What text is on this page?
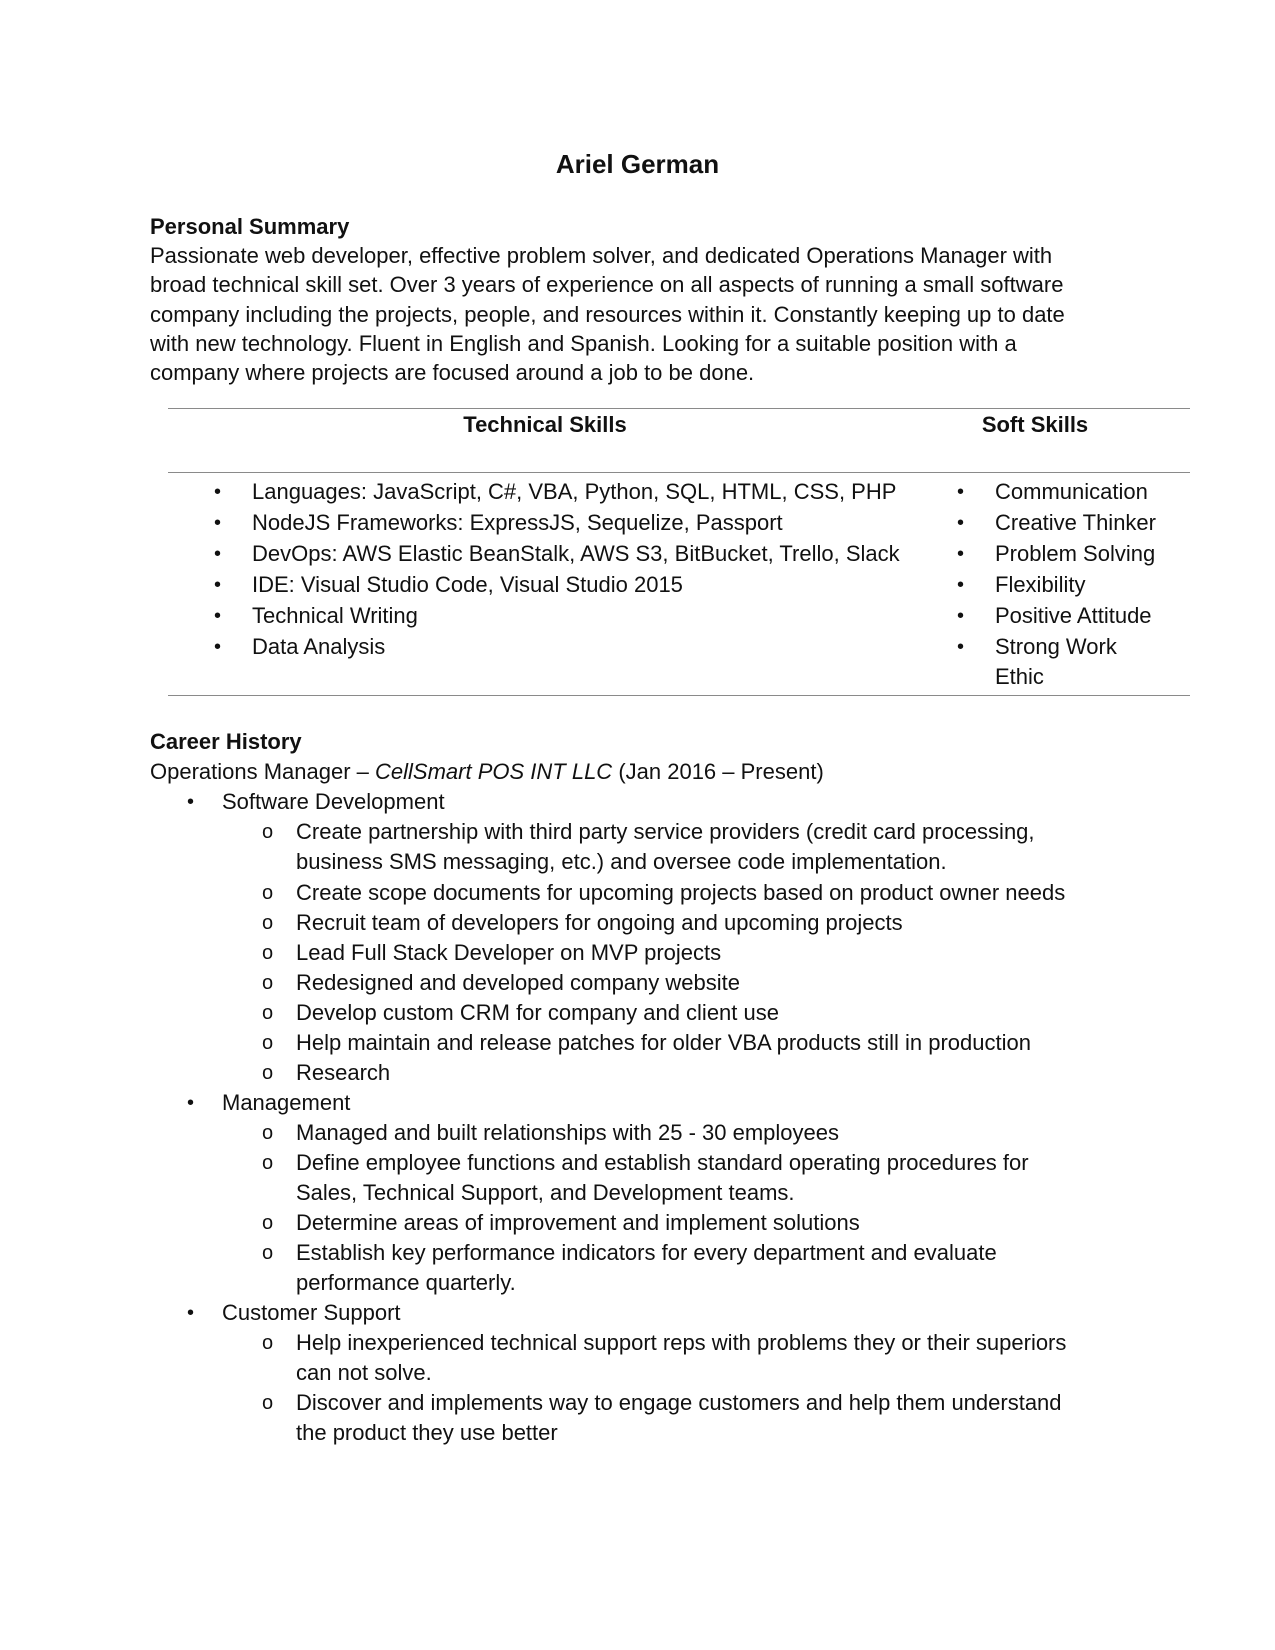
Ariel German
Personal Summary
Passionate web developer, effective problem solver, and dedicated Operations Manager with
broad technical skill set. Over 3 years of experience on all aspects of running a small software
company including the projects, people, and resources within it. Constantly keeping up to date
with new technology. Fluent in English and Spanish. Looking for a suitable position with a
company where projects are focused around a job to be done.
Technical Skills	Soft Skills
• Languages: JavaScript, C#, VBA, Python, SQL, HTML, CSS, PHP
• NodeJS Frameworks: ExpressJS, Sequelize, Passport
• DevOps: AWS Elastic BeanStalk, AWS S3, BitBucket, Trello, Slack
• IDE: Visual Studio Code, Visual Studio 2015
• Technical Writing
• Data Analysis
• Communication
• Creative Thinker
• Problem Solving
• Flexibility
• Positive Attitude
• Strong Work
Ethic
Career History
Operations Manager – CellSmart POS INT LLC (Jan 2016 – Present)
• Software Development
o Create partnership with third party service providers (credit card processing,
business SMS messaging, etc.) and oversee code implementation.
o Create scope documents for upcoming projects based on product owner needs
o Recruit team of developers for ongoing and upcoming projects
o Lead Full Stack Developer on MVP projects
o Redesigned and developed company website
o Develop custom CRM for company and client use
o Help maintain and release patches for older VBA products still in production
o Research
• Management
o Managed and built relationships with 25 - 30 employees
o Define employee functions and establish standard operating procedures for
Sales, Technical Support, and Development teams.
o Determine areas of improvement and implement solutions
o Establish key performance indicators for every department and evaluate
performance quarterly.
• Customer Support
o Help inexperienced technical support reps with problems they or their superiors
can not solve.
o Discover and implements way to engage customers and help them understand
the product they use better
